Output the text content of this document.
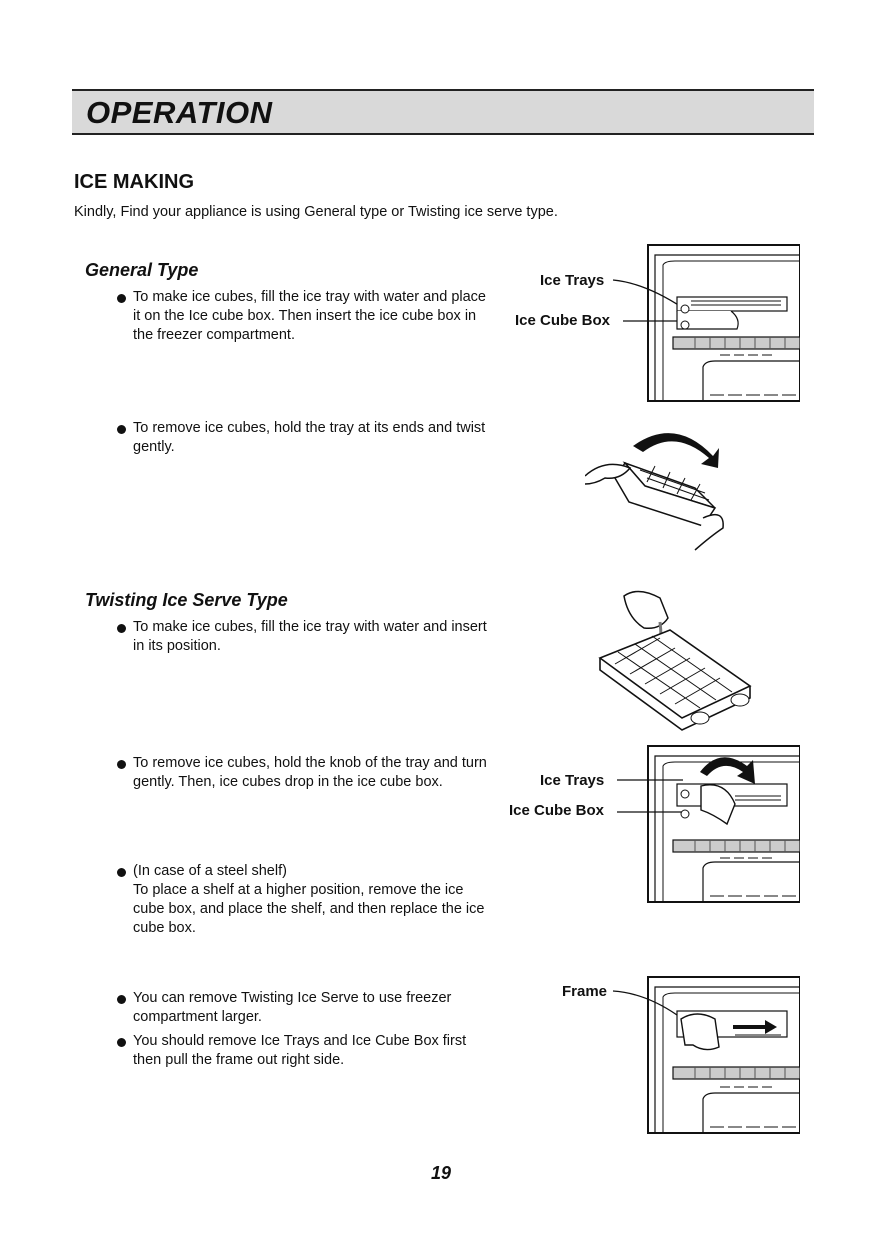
OPERATION
ICE MAKING
Kindly, Find your appliance is using General type or Twisting ice serve type.
General Type
To make ice cubes, fill the ice tray with water and place it on the Ice cube box. Then insert the ice cube box in the freezer compartment.
To remove ice cubes, hold the tray at its ends and twist gently.
Twisting Ice Serve Type
To make ice cubes, fill the ice tray with water and insert in its position.
To remove ice cubes, hold the knob of the tray and turn gently. Then, ice cubes drop in the ice cube box.
(In case of a steel shelf)
To place a shelf at a higher position, remove the ice cube box, and place the shelf, and then replace the ice cube box.
You can remove Twisting Ice Serve to use freezer compartment larger.
You should remove Ice Trays and Ice Cube Box first then pull the frame out right side.
Ice Trays
Ice Cube Box
Ice Trays
Ice Cube Box
Frame
19
